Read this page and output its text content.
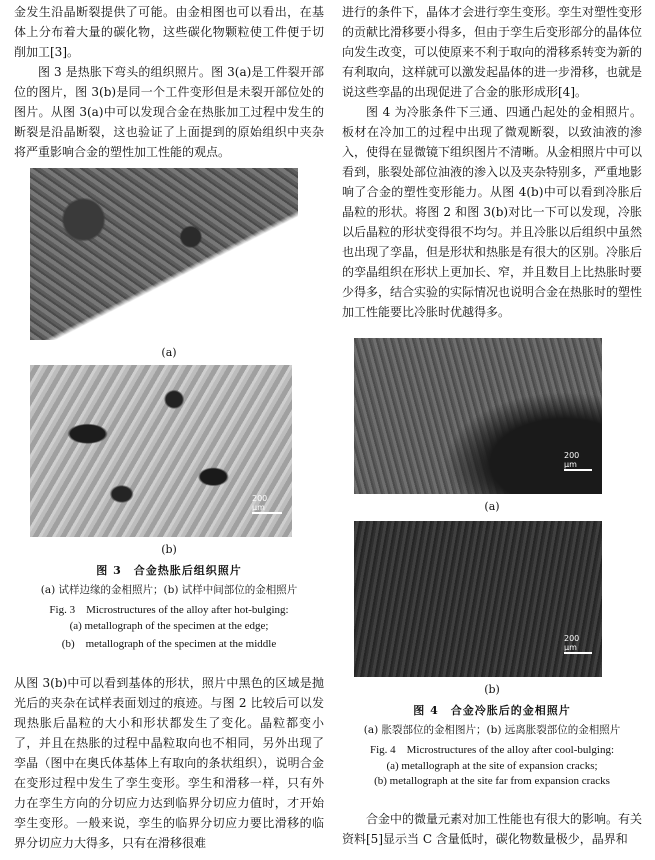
金发生沿晶断裂提供了可能。由金相图也可以看出，在基体上分布着大量的碳化物，这些碳化物颗粒使工件便于切削加工[3]。

图 3 是热胀下弯头的组织照片。图 3(a)是工件裂开部位的图片，图 3(b)是同一个工件变形但是未裂开部位处的图片。从图 3(a)中可以发现合金在热胀加工过程中发生的断裂是沿晶断裂，这也验证了上面提到的原始组织中夹杂将严重影响合金的塑性加工性能的观点。

200 μm
(a)
200 μm
(b)
图 3　合金热胀后组织照片
(a) 试样边缘的金相照片；(b) 试样中间部位的金相照片
Fig. 3　Microstructures of the alloy after hot-bulging:
(a) metallograph of the specimen at the edge;
(b)　metallograph of the specimen at the middle

从图 3(b)中可以看到基体的形状，照片中黑色的区域是抛光后的夹杂在试样表面划过的痕迹。与图 2 比较后可以发现热胀后晶粒的大小和形状都发生了变化。晶粒都变小了，并且在热胀的过程中晶粒取向也不相同，另外出现了孪晶（图中在奥氏体基体上有取向的条状组织），说明合金在变形过程中发生了孪生变形。孪生和滑移一样，只有外力在孪生方向的分切应力达到临界分切应力值时，才开始孪生变形。一般来说，孪生的临界分切应力要比滑移的临界分切应力大得多，只有在滑移很难

进行的条件下，晶体才会进行孪生变形。孪生对塑性变形的贡献比滑移要小得多，但由于孪生后变形部分的晶体位向发生改变，可以使原来不利于取向的滑移系转变为新的有利取向，这样就可以激发起晶体的进一步滑移，也就是说这些孪晶的出现促进了合金的胀形成形[4]。

图 4 为冷胀条件下三通、四通凸起处的金相照片。板材在冷加工的过程中出现了微观断裂，以致油液的渗入，使得在显微镜下组织图片不清晰。从金相照片中可以看到，胀裂处部位油液的渗入以及夹杂特别多，严重地影响了合金的塑性变形能力。从图 4(b)中可以看到冷胀后晶粒的形状。将图 2 和图 3(b)对比一下可以发现，冷胀以后晶粒的形状变得很不均匀。并且冷胀以后组织中虽然也出现了孪晶，但是形状和热胀是有很大的区别。冷胀后的孪晶组织在形状上更加长、窄，并且数目上比热胀时要少得多，结合实验的实际情况也说明合金在热胀时的塑性加工性能要比冷胀时优越得多。

200 μm
(a)
200 μm
(b)
图 4　合金冷胀后的金相照片
(a) 胀裂部位的金相图片；(b) 远离胀裂部位的金相照片
Fig. 4　Microstructures of the alloy after cool-bulging:
(a) metallograph at the site of expansion cracks;
(b) metallograph at the site far from expansion cracks

合金中的微量元素对加工性能也有很大的影响。有关资料[5]显示当 C 含量低时，碳化物数量极少，晶界和
